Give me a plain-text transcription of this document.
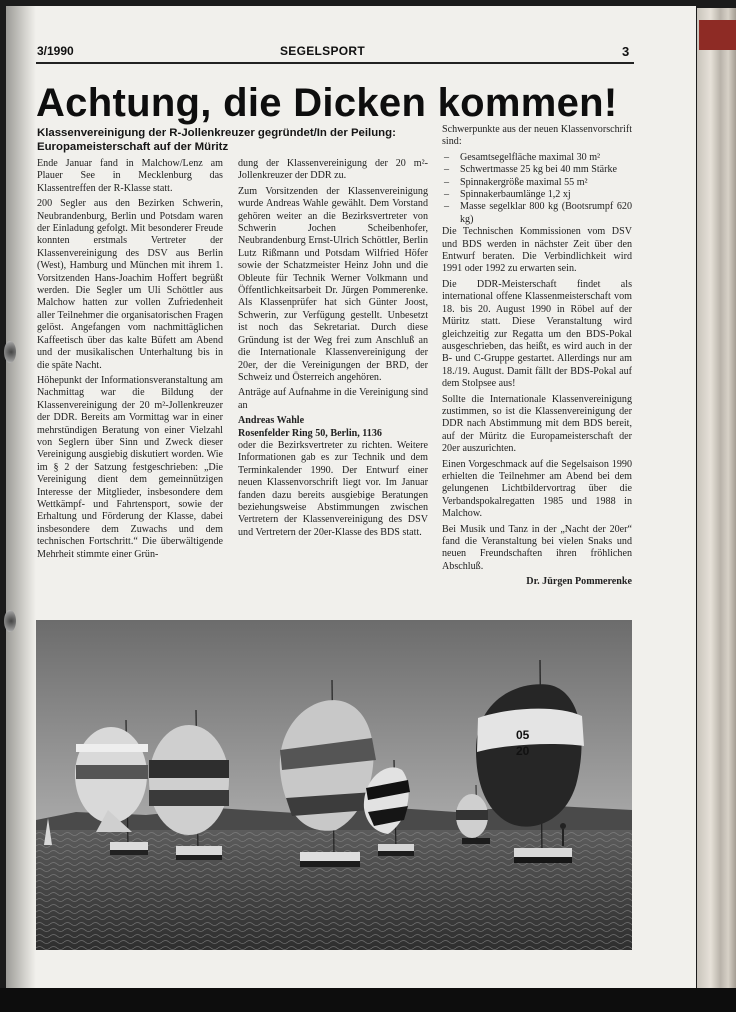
3/1990	SEGELSPORT	3
Achtung, die Dicken kommen!
Klassenvereinigung der R-Jollenkreuzer gegründet/In der Peilung: Europameisterschaft auf der Müritz

Ende Januar fand in Malchow/Lenz am Plauer See in Mecklenburg das Klassentreffen der R-Klasse statt.

200 Segler aus den Bezirken Schwerin, Neubrandenburg, Berlin und Potsdam waren der Einladung gefolgt. Mit besonderer Freude konnten erstmals Vertreter der Klassenvereinigung des DSV aus Berlin (West), Hamburg und München mit ihrem 1. Vorsitzenden Hans-Joachim Hoffert begrüßt werden. Die Segler um Uli Schöttler aus Malchow hatten zur vollen Zufriedenheit aller Teilnehmer die organisatorischen Fragen gelöst. Angefangen vom nachmittäglichen Kaffeetisch über das kalte Büfett am Abend und der musikalischen Unterhaltung bis in die späte Nacht.

Höhepunkt der Informationsveranstaltung am Nachmittag war die Bildung der Klassenvereinigung der 20 m²-Jollenkreuzer der DDR. Bereits am Vormittag war in einer mehrstündigen Beratung von einer Vielzahl von Seglern über Sinn und Zweck dieser Vereinigung ausgiebig diskutiert worden. Wie im § 2 der Satzung festgeschrieben: „Die Vereinigung dient dem gemeinnützigen Interesse der Mitglieder, insbesondere dem Wettkämpf- und Fahrtensport, sowie der Erhaltung und Förderung der Klasse, dabei insbesondere dem Zuwachs und dem technischen Fortschritt.“ Die überwältigende Mehrheit stimmte einer Grün-

dung der Klassenvereinigung der 20 m²-Jollenkreuzer der DDR zu.

Zum Vorsitzenden der Klassenvereinigung wurde Andreas Wahle gewählt. Dem Vorstand gehören weiter an die Bezirksvertreter von Schwerin Jochen Scheibenhofer, Neubrandenburg Ernst-Ulrich Schöttler, Berlin Lutz Rißmann und Potsdam Wilfried Höfer sowie der Schatzmeister Heinz John und die Obleute für Technik Werner Volkmann und Öffentlichkeitsarbeit Dr. Jürgen Pommerenke. Als Klassenprüfer hat sich Günter Joost, Schwerin, zur Verfügung gestellt. Unbesetzt ist noch das Sekretariat. Durch diese Gründung ist der Weg frei zum Anschluß an die Internationale Klassenvereinigung der 20er, der die Vereinigungen der BRD, der Schweiz und Österreich angehören.

Anträge auf Aufnahme in die Vereinigung sind an

Andreas Wahle
Rosenfelder Ring 50, Berlin, 1136

oder die Bezirksvertreter zu richten. Weitere Informationen gab es zur Technik und dem Terminkalender 1990. Der Entwurf einer neuen Klassenvorschrift liegt vor. Im Januar fanden dazu bereits ausgiebige Beratungen beziehungsweise Abstimmungen zwischen Vertretern der Klassenvereinigung des DSV und Vertretern der 20er-Klasse des BDS statt.

Schwerpunkte aus der neuen Klassenvorschrift sind:

– Gesamtsegelfläche maximal 30 m²
– Schwertmasse 25 kg bei 40 mm Stärke
– Spinnakergröße maximal 55 m²
– Spinnakerbaumlänge 1,2 xj
– Masse segelklar 800 kg (Bootsrumpf 620 kg)

Die Technischen Kommissionen vom DSV und BDS werden in nächster Zeit über den Entwurf beraten. Die Verbindlichkeit wird 1991 oder 1992 zu erwarten sein.

Die DDR-Meisterschaft findet als international offene Klassenmeisterschaft vom 18. bis 20. August 1990 in Röbel auf der Müritz statt. Diese Veranstaltung wird gleichzeitig zur Regatta um den BDS-Pokal ausgeschrieben, das heißt, es wird auch in der B- und C-Gruppe gestartet. Allerdings nur am 18./19. August. Damit fällt der BDS-Pokal auf dem Stolpsee aus!

Sollte die Internationale Klassenvereinigung zustimmen, so ist die Klassenvereinigung der DDR nach Abstimmung mit dem BDS bereit, auf der Müritz die Europameisterschaft der 20er auszurichten.

Einen Vorgeschmack auf die Segelsaison 1990 erhielten die Teilnehmer am Abend bei dem gelungenen Lichtbildervortrag über die Verbandspokalregatten 1985 und 1988 in Malchow.

Bei Musik und Tanz in der „Nacht der 20er“ fand die Veranstaltung bei vielen Snaks und neuen Freundschaften ihren fröhlichen Abschluß.

Dr. Jürgen Pommerenke
05
20
